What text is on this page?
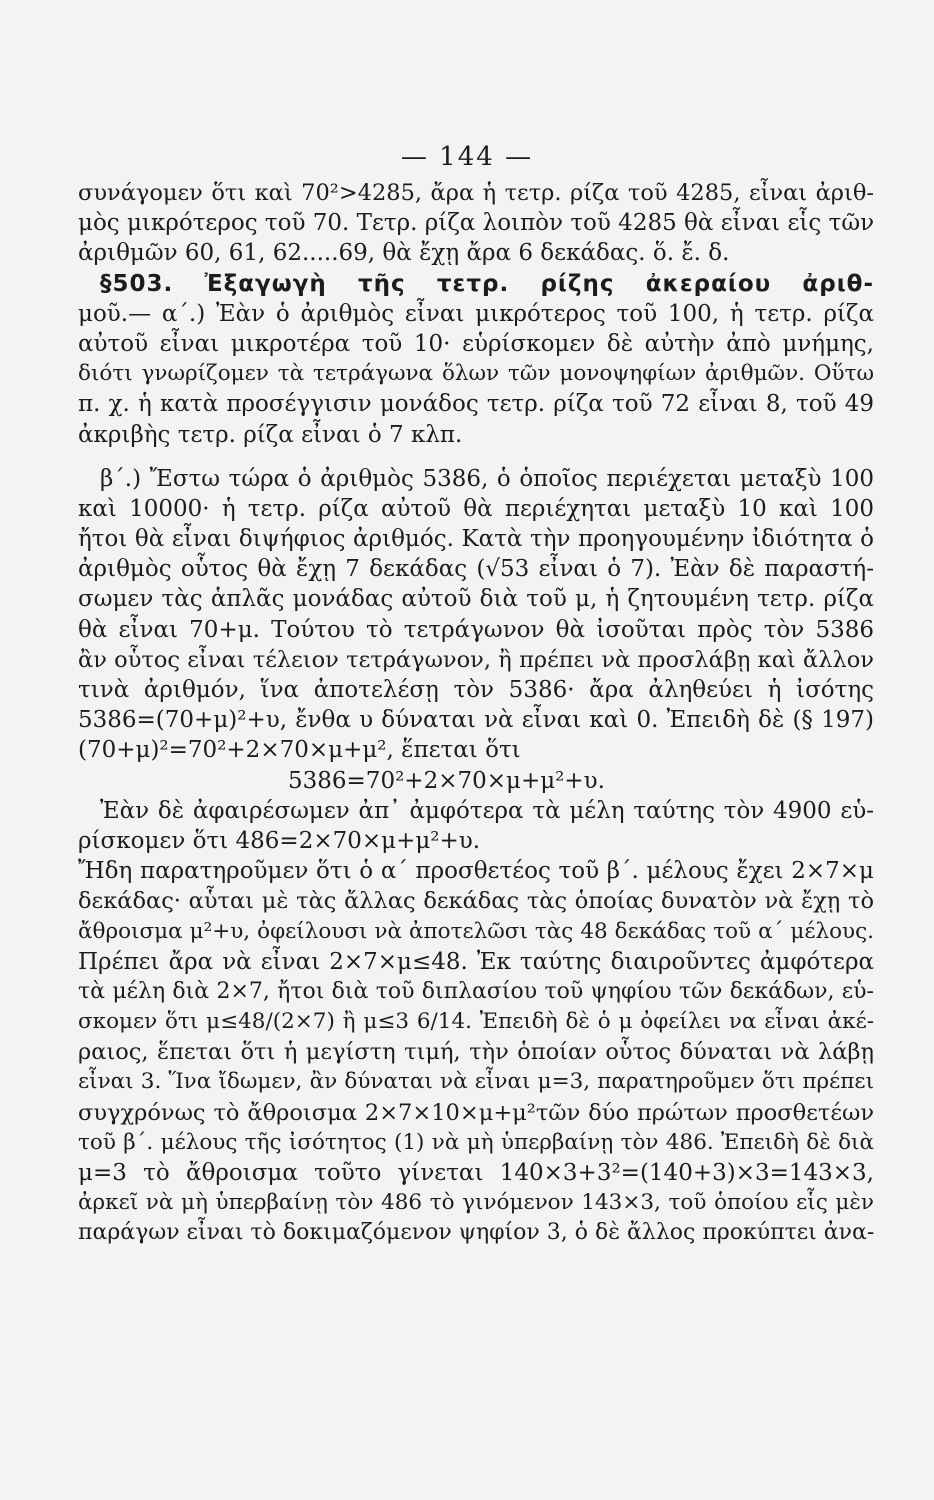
— 144 —
συνάγομεν ὅτι καὶ 70²>4285, ἄρα ἡ τετρ. ρίζα τοῦ 4285, εἶναι ἀριθ-
μὸς μικρότερος τοῦ 70. Τετρ. ρίζα λοιπὸν τοῦ 4285 θὰ εἶναι εἷς τῶν
ἀριθμῶν 60, 61, 62.....69, θὰ ἔχῃ ἄρα 6 δεκάδας. ὅ. ἔ. δ.
§503. Ἐξαγωγὴ τῆς τετρ. ρίζης ἀκεραίου ἀριθ-
μοῦ.— α΄.) Ἐὰν ὁ ἀριθμὸς εἶναι μικρότερος τοῦ 100, ἡ τετρ. ρίζα
αὐτοῦ εἶναι μικροτέρα τοῦ 10· εὑρίσκομεν δὲ αὐτὴν ἀπὸ μνήμης,
διότι γνωρίζομεν τὰ τετράγωνα ὅλων τῶν μονοψηφίων ἀριθμῶν. Οὕτω
π. χ. ἡ κατὰ προσέγγισιν μονάδος τετρ. ρίζα τοῦ 72 εἶναι 8, τοῦ 49
ἀκριβὴς τετρ. ρίζα εἶναι ὁ 7 κλπ.
β΄.) Ἔστω τώρα ὁ ἀριθμὸς 5386, ὁ ὁποῖος περιέχεται μεταξὺ 100
καὶ 10000· ἡ τετρ. ρίζα αὐτοῦ θὰ περιέχηται μεταξὺ 10 καὶ 100
ἤτοι θὰ εἶναι διψήφιος ἀριθμός. Κατὰ τὴν προηγουμένην ἰδιότητα ὁ
ἀριθμὸς οὗτος θὰ ἔχῃ 7 δεκάδας (√53 εἶναι ὁ 7). Ἐὰν δὲ παραστή-
σωμεν τὰς ἁπλᾶς μονάδας αὐτοῦ διὰ τοῦ μ, ἡ ζητουμένη τετρ. ρίζα
θὰ εἶναι 70+μ. Τούτου τὸ τετράγωνον θὰ ἰσοῦται πρὸς τὸν 5386
ἂν οὗτος εἶναι τέλειον τετράγωνον, ἢ πρέπει νὰ προσλάβῃ καὶ ἄλλον
τινὰ ἀριθμόν, ἵνα ἀποτελέσῃ τὸν 5386· ἄρα ἀληθεύει ἡ ἰσότης
5386=(70+μ)²+υ, ἔνθα υ δύναται νὰ εἶναι καὶ 0. Ἐπειδὴ δὲ (§ 197)
(70+μ)²=70²+2×70×μ+μ², ἕπεται ὅτι
5386=70²+2×70×μ+μ²+υ.
Ἐὰν δὲ ἀφαιρέσωμεν ἀπ᾽ ἀμφότερα τὰ μέλη ταύτης τὸν 4900 εὑ-
ρίσκομεν ὅτι 486=2×70×μ+μ²+υ.
Ἤδη παρατηροῦμεν ὅτι ὁ α΄ προσθετέος τοῦ β΄. μέλους ἔχει 2×7×μ
δεκάδας· αὗται μὲ τὰς ἄλλας δεκάδας τὰς ὁποίας δυνατὸν νὰ ἔχῃ τὸ
ἄθροισμα μ²+υ, ὀφείλουσι νὰ ἀποτελῶσι τὰς 48 δεκάδας τοῦ α΄ μέλους.
Πρέπει ἄρα νὰ εἶναι 2×7×μ≤48. Ἐκ ταύτης διαιροῦντες ἀμφότερα
τὰ μέλη διὰ 2×7, ἤτοι διὰ τοῦ διπλασίου τοῦ ψηφίου τῶν δεκάδων, εὑ-
σκομεν ὅτι μ≤48/(2×7) ἢ μ≤3 6/14. Ἐπειδὴ δὲ ὁ μ ὀφείλει να εἶναι ἀκέ-
ραιος, ἕπεται ὅτι ἡ μεγίστη τιμή, τὴν ὁποίαν οὗτος δύναται νὰ λάβῃ
εἶναι 3. Ἵνα ἴδωμεν, ἂν δύναται νὰ εἶναι μ=3, παρατηροῦμεν ὅτι πρέπει
συγχρόνως τὸ ἄθροισμα 2×7×10×μ+μ²τῶν δύο πρώτων προσθετέων
τοῦ β΄. μέλους τῆς ἰσότητος (1) νὰ μὴ ὑπερβαίνῃ τὸν 486. Ἐπειδὴ δὲ διὰ
μ=3 τὸ ἄθροισμα τοῦτο γίνεται 140×3+3²=(140+3)×3=143×3,
ἀρκεῖ νὰ μὴ ὑπερβαίνῃ τὸν 486 τὸ γινόμενον 143×3, τοῦ ὁποίου εἷς μὲν
παράγων εἶναι τὸ δοκιμαζόμενον ψηφίον 3, ὁ δὲ ἄλλος προκύπτει ἀνα-
